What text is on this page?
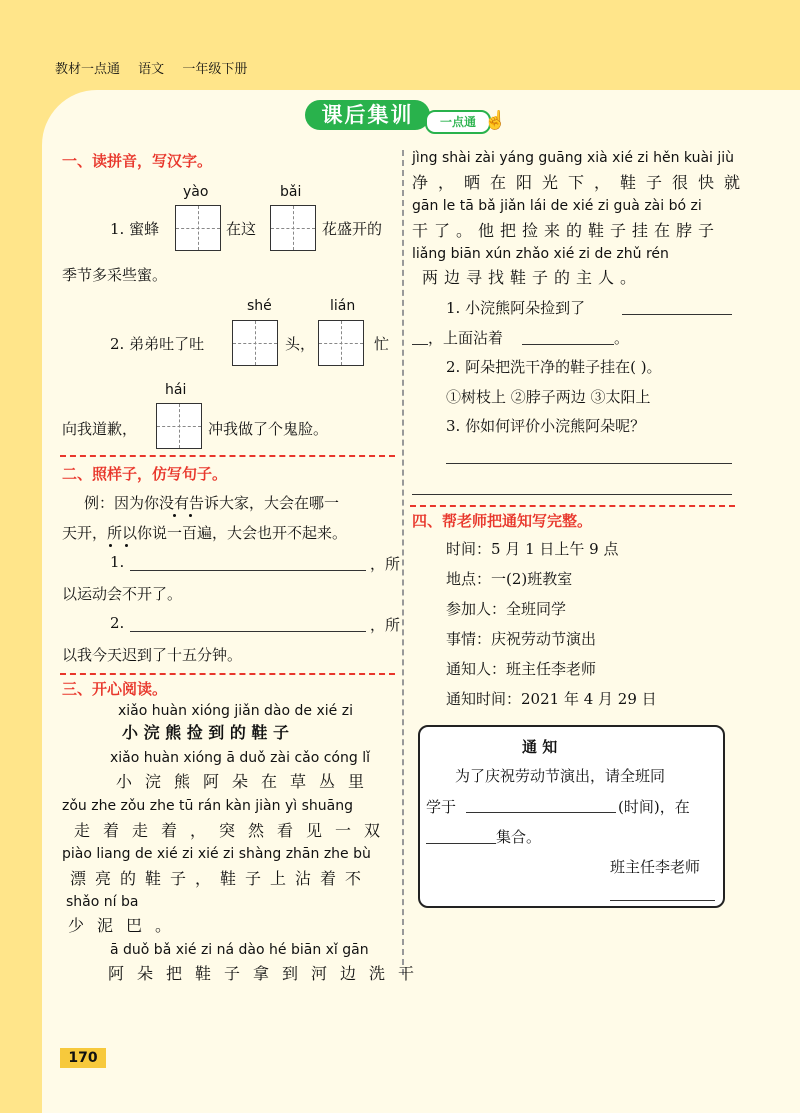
教材一点通 语文 一年级下册
课后集训	一点通 ☝
一、读拼音，写汉字。
yào	bǎi
1. 蜜蜂	在这	花盛开的
季节多采些蜜。
shé	lián
2. 弟弟吐了吐	头，	忙
hái
向我道歉，	冲我做了个鬼脸。
二、照样子，仿写句子。
例：因为你没有告诉大家，大会在哪一
天开，所以你说一百遍，大会也开不起来。
1.	，所
以运动会不开了。
2.	，所
以我今天迟到了十五分钟。
三、开心阅读。
xiǎo huàn xióng jiǎn dào de xié zi
小 浣 熊 捡 到 的 鞋 子
xiǎo huàn xióng ā duǒ zài cǎo cóng lǐ
小浣熊阿朵在草丛里
zǒu zhe zǒu zhe tū rán kàn jiàn yì shuāng
走着走着，突然看见一双
piào liang de xié zi xié zi shàng zhān zhe bù
漂亮的鞋子，鞋子上沾着不
shǎo ní ba
少泥巴。
ā duǒ bǎ xié zi ná dào hé biān xǐ gān
阿朵把鞋子拿到河边洗干
jìng shài zài yáng guāng xià xié zi hěn kuài jiù
净，晒在阳光下，鞋子很快就
gān le tā bǎ jiǎn lái de xié zi guà zài bó zi
干了。他把捡来的鞋子挂在脖子
liǎng biān xún zhǎo xié zi de zhǔ rén
两边寻找鞋子的主人。
1. 小浣熊阿朵捡到了
，上面沾着	。
2. 阿朵把洗干净的鞋子挂在( )。
①树枝上 ②脖子两边 ③太阳上
3. 你如何评价小浣熊阿朵呢？
四、帮老师把通知写完整。
时间：5 月 1 日上午 9 点
地点：一(2)班教室
参加人：全班同学
事情：庆祝劳动节演出
通知人：班主任李老师
通知时间：2021 年 4 月 29 日
通 知
为了庆祝劳动节演出，请全班同
学于	(时间)，在
集合。
班主任李老师
170
